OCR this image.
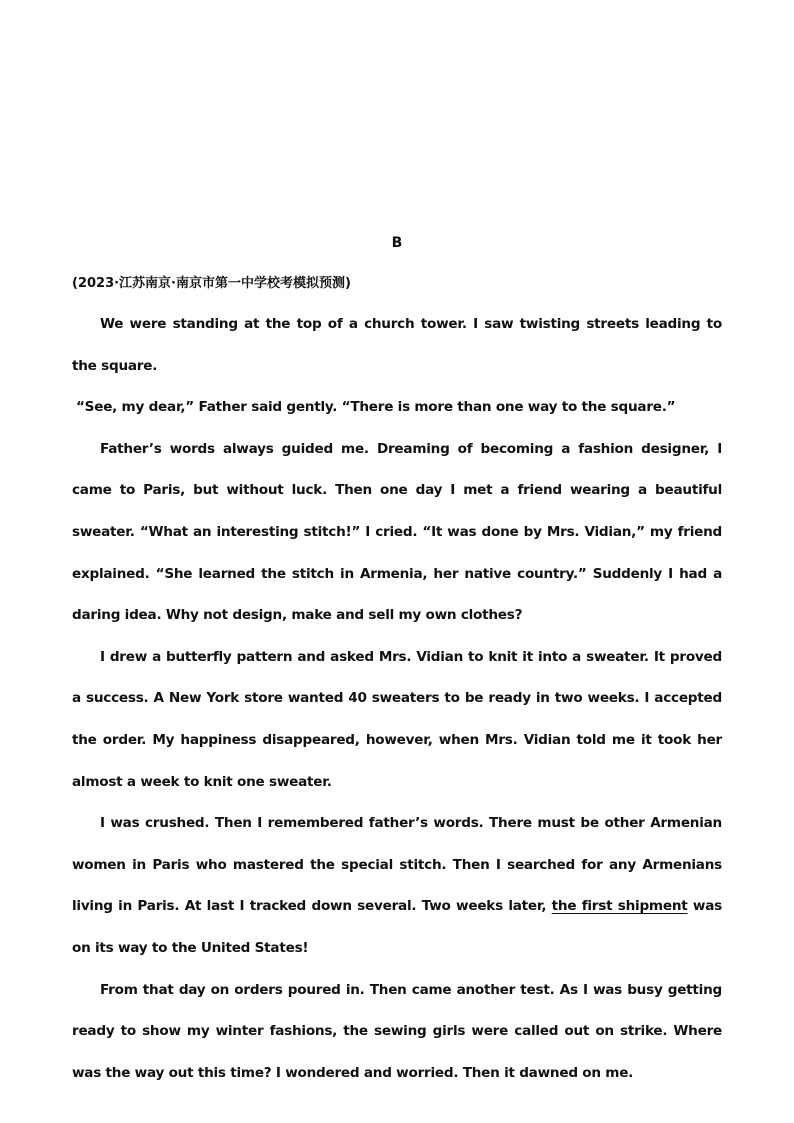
B
(2023·江苏南京·南京市第一中学校考模拟预测)

We were standing at the top of a church tower. I saw twisting streets leading to the square.

“See, my dear,” Father said gently. “There is more than one way to the square.”

Father’s words always guided me. Dreaming of becoming a fashion designer, I came to Paris, but without luck. Then one day I met a friend wearing a beautiful sweater. “What an interesting stitch!” I cried. “It was done by Mrs. Vidian,” my friend explained. “She learned the stitch in Armenia, her native country.” Suddenly I had a daring idea. Why not design, make and sell my own clothes?

I drew a butterfly pattern and asked Mrs. Vidian to knit it into a sweater. It proved a success. A New York store wanted 40 sweaters to be ready in two weeks. I accepted the order. My happiness disappeared, however, when Mrs. Vidian told me it took her almost a week to knit one sweater.

I was crushed. Then I remembered father’s words. There must be other Armenian women in Paris who mastered the special stitch. Then I searched for any Armenians living in Paris. At last I tracked down several. Two weeks later, the first shipment was on its way to the United States!

From that day on orders poured in. Then came another test. As I was busy getting ready to show my winter fashions, the sewing girls were called out on strike. Where was the way out this time? I wondered and worried. Then it dawned on me.
